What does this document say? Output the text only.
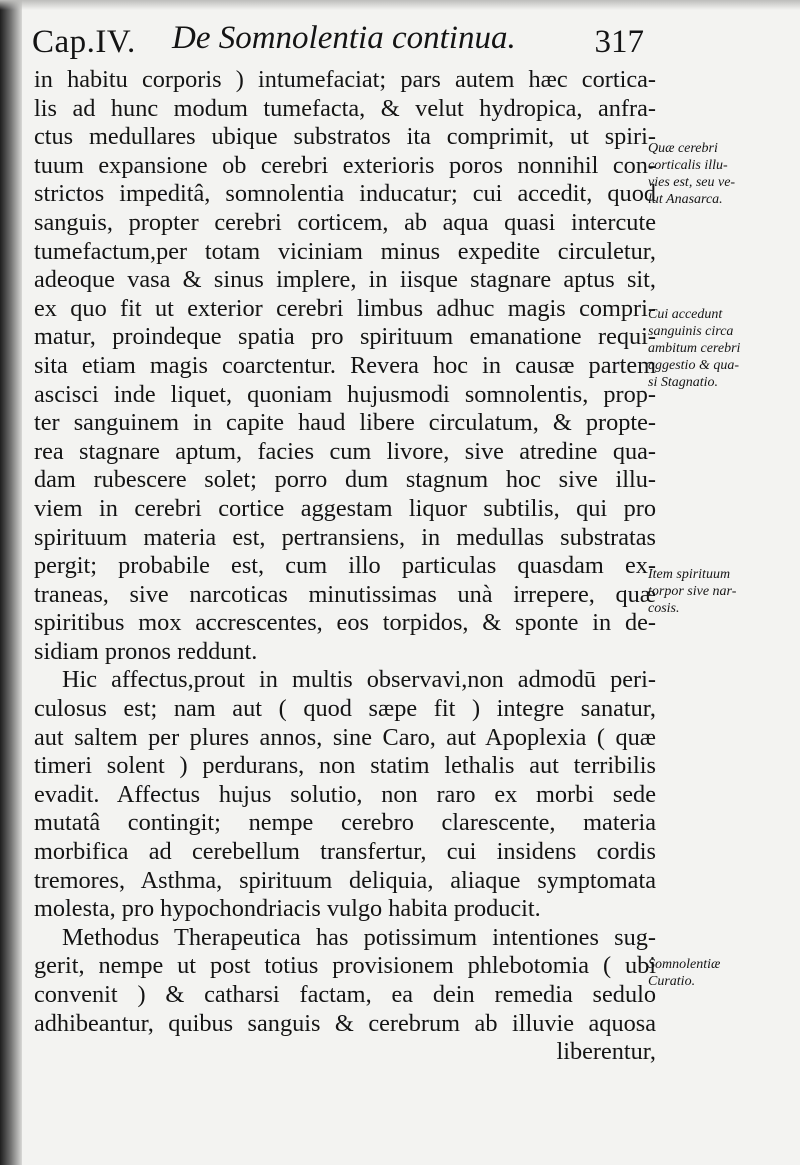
Cap.IV. De Somnolentia continua. 317
in habitu corporis ) intumefaciat; pars autem hæc cortica-
lis ad hunc modum tumefacta, & velut hydropica, anfra-
ctus medullares ubique substratos ita comprimit, ut spiri-
tuum expansione ob cerebri exterioris poros nonnihil con-
strictos impeditâ, somnolentia inducatur; cui accedit, quod
sanguis, propter cerebri corticem, ab aqua quasi intercute
tumefactum,per totam viciniam minus expedite circuletur,
adeoque vasa & sinus implere, in iisque stagnare aptus sit,
ex quo fit ut exterior cerebri limbus adhuc magis compri-
matur, proindeque spatia pro spirituum emanatione requi-
sita etiam magis coarctentur. Revera hoc in causæ partem
ascisci inde liquet, quoniam hujusmodi somnolentis, prop-
ter sanguinem in capite haud libere circulatum, & propte-
rea stagnare aptum, facies cum livore, sive atredine qua-
dam rubescere solet; porro dum stagnum hoc sive illu-
viem in cerebri cortice aggestam liquor subtilis, qui pro
spirituum materia est, pertransiens, in medullas substratas
pergit; probabile est, cum illo particulas quasdam ex-
traneas, sive narcoticas minutissimas unà irrepere, quæ
spiritibus mox accrescentes, eos torpidos, & sponte in de-
sidiam pronos reddunt.
Hic affectus,prout in multis observavi,non admodū peri-
culosus est; nam aut ( quod sæpe fit ) integre sanatur,
aut saltem per plures annos, sine Caro, aut Apoplexia ( quæ
timeri solent ) perdurans, non statim lethalis aut terribilis
evadit. Affectus hujus solutio, non raro ex morbi sede
mutatâ contingit; nempe cerebro clarescente, materia
morbifica ad cerebellum transfertur, cui insidens cordis
tremores, Asthma, spirituum deliquia, aliaque symptomata
molesta, pro hypochondriacis vulgo habita producit.
Methodus Therapeutica has potissimum intentiones sug-
gerit, nempe ut post totius provisionem phlebotomia ( ubi
convenit ) & catharsi factam, ea dein remedia sedulo
adhibeantur, quibus sanguis & cerebrum ab illuvie aquosa
liberentur,
Quæ cerebri
corticalis illu-
vies est, seu ve-
lut Anasarca.
Cui accedunt
sanguinis circa
ambitum cerebri
aggestio & qua-
si Stagnatio.
Item spirituum
torpor sive nar-
cosis.
Somnolentiæ
Curatio.
